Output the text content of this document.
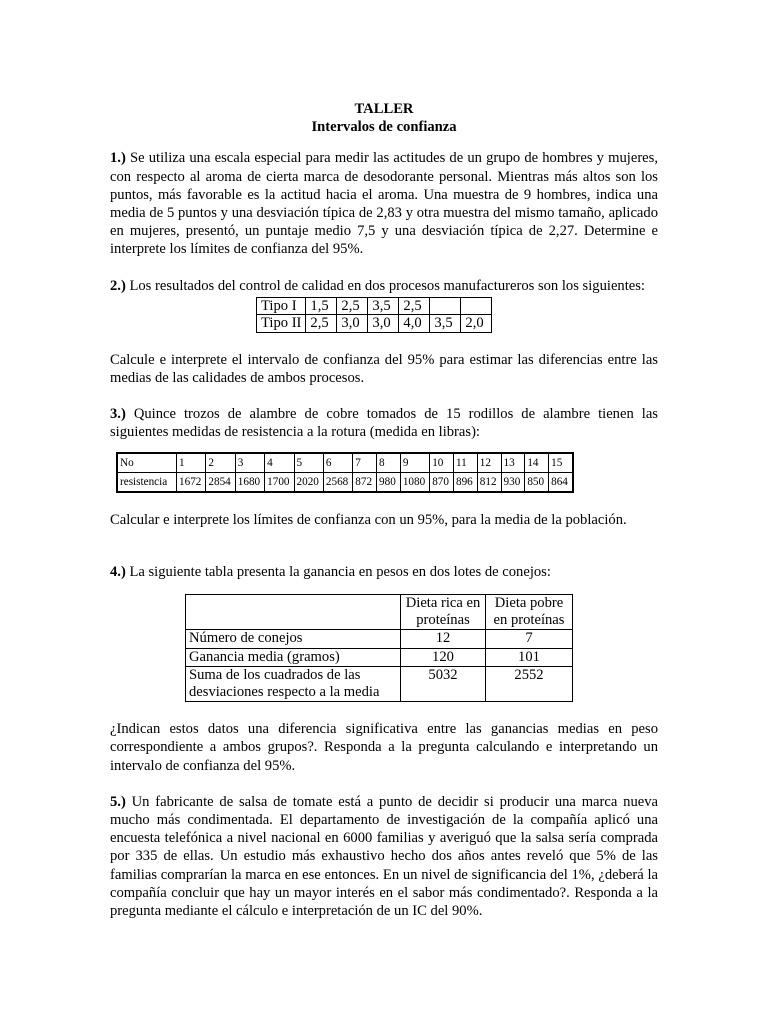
TALLER

Intervalos de confianza

1.) Se utiliza una escala especial para medir las actitudes de un grupo de hombres y mujeres, con respecto al aroma de cierta marca de desodorante personal. Mientras más altos son los puntos, más favorable es la actitud hacia el aroma. Una muestra de 9 hombres, indica una media de 5 puntos y una desviación típica de 2,83 y otra muestra del mismo tamaño, aplicado en mujeres, presentó, un puntaje medio 7,5 y una desviación típica de 2,27. Determine e interprete los límites de confianza del 95%.

2.) Los resultados del control de calidad en dos procesos manufactureros son los siguientes:

Tipo I	1,5	2,5	3,5	2,5		
Tipo II	2,5	3,0	3,0	4,0	3,5	2,0

Calcule e interprete el intervalo de confianza del 95% para estimar las diferencias entre las medias de las calidades de ambos procesos.

3.) Quince trozos de alambre de cobre tomados de 15 rodillos de alambre tienen las siguientes medidas de resistencia a la rotura (medida en libras):

No	1	2	3	4	5	6	7	8	9	10	11	12	13	14	15
resistencia	1672	2854	1680	1700	2020	2568	872	980	1080	870	896	812	930	850	864

Calcular e interprete los límites de confianza con un 95%, para la media de la población.

4.) La siguiente tabla presenta la ganancia en pesos en dos lotes de conejos:

	Dieta rica en proteínas	Dieta pobre en proteínas
Número de conejos	12	7
Ganancia media (gramos)	120	101
Suma de los cuadrados de las desviaciones respecto a la media	5032	2552

¿Indican estos datos una diferencia significativa entre las ganancias medias en peso correspondiente a ambos grupos?. Responda a la pregunta calculando e interpretando un intervalo de confianza del 95%.

5.) Un fabricante de salsa de tomate está a punto de decidir si producir una marca nueva mucho más condimentada. El departamento de investigación de la compañía aplicó una encuesta telefónica a nivel nacional en 6000 familias y averiguó que la salsa sería comprada por 335 de ellas. Un estudio más exhaustivo hecho dos años antes reveló que 5% de las familias comprarían la marca en ese entonces. En un nivel de significancia del 1%, ¿deberá la compañía concluir que hay un mayor interés en el sabor más condimentado?. Responda a la pregunta mediante el cálculo e interpretación de un IC del 90%.
